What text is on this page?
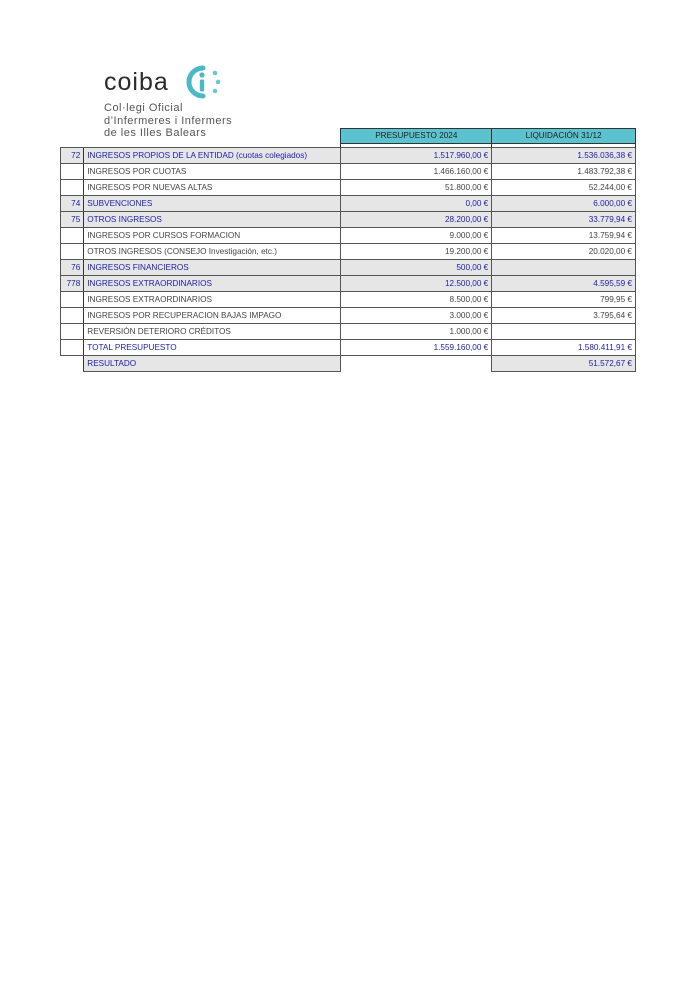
coiba
Col·legi Oficial
d’Infermeres i Infermers
de les Illes Balears
			PRESUPUESTO 2024		LIQUIDACIÓN 31/12

72	INGRESOS PROPIOS DE LA ENTIDAD (cuotas colegiados)	1.517.960,00 €		1.536.036,38 €
	INGRESOS POR CUOTAS	1.466.160,00 €		1.483.792,38 €
	INGRESOS POR NUEVAS ALTAS	51.800,00 €		52.244,00 €
74	SUBVENCIONES	0,00 €		6.000,00 €
75	OTROS INGRESOS	28.200,00 €		33.779,94 €
	INGRESOS POR CURSOS FORMACION	9.000,00 €		13.759,94 €
	OTROS INGRESOS (CONSEJO Investigación, etc.)	19.200,00 €		20.020,00 €
76	INGRESOS FINANCIEROS	500,00 €		
778	INGRESOS EXTRAORDINARIOS	12.500,00 €		4.595,59 €
	INGRESOS EXTRAORDINARIOS	8.500,00 €		799,95 €
	INGRESOS POR RECUPERACION BAJAS IMPAGO	3.000,00 €		3.795,64 €
	REVERSIÓN DETERIORO CRÉDITOS	1.000,00 €		
	TOTAL PRESUPUESTO	1.559.160,00 €		1.580.411,91 €
	RESULTADO			51.572,67 €
